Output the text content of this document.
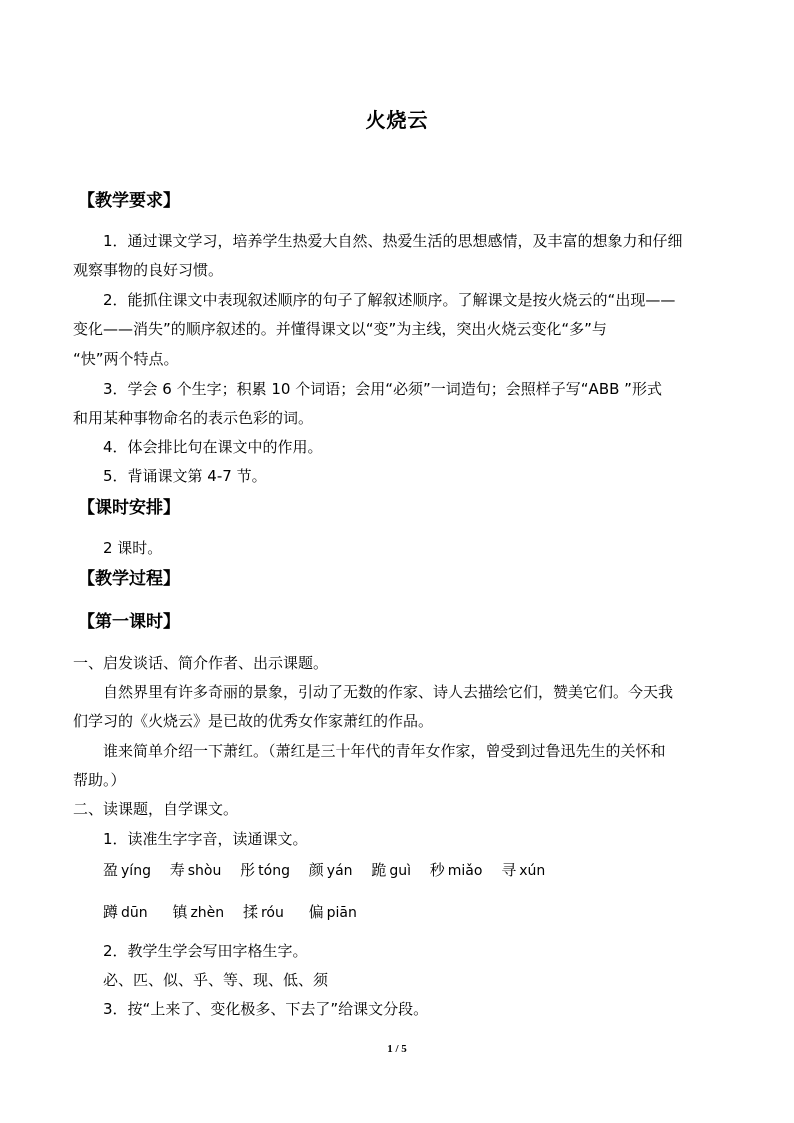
火烧云
【教学要求】
1．通过课文学习，培养学生热爱大自然、热爱生活的思想感情，及丰富的想象力和仔细
观察事物的良好习惯。
2．能抓住课文中表现叙述顺序的句子了解叙述顺序。了解课文是按火烧云的“出现——
变化——消失”的顺序叙述的。并懂得课文以“变”为主线，突出火烧云变化“多”与
“快”两个特点。
3．学会 6 个生字；积累 10 个词语；会用“必须”一词造句；会照样子写“ABB ”形式
和用某种事物命名的表示色彩的词。
4．体会排比句在课文中的作用。
5．背诵课文第 4-7 节。
【课时安排】
2 课时。
【教学过程】
【第一课时】
一、启发谈话、简介作者、出示课题。
自然界里有许多奇丽的景象，引动了无数的作家、诗人去描绘它们，赞美它们。今天我
们学习的《火烧云》是已故的优秀女作家萧红的作品。
谁来简单介绍一下萧红。（萧红是三十年代的青年女作家，曾受到过鲁迅先生的关怀和
帮助。）
二、读课题，自学课文。
1．读准生字字音，读通课文。
盈 yíng 寿 shòu 彤 tóng 颜 yán 跪 guì 秒 miǎo 寻 xún
蹲 dūn 镇 zhèn 揉 róu 偏 piān
2．教学生学会写田字格生字。
必、匹、似、乎、等、现、低、须
3．按“上来了、变化极多、下去了”给课文分段。
1 / 5
